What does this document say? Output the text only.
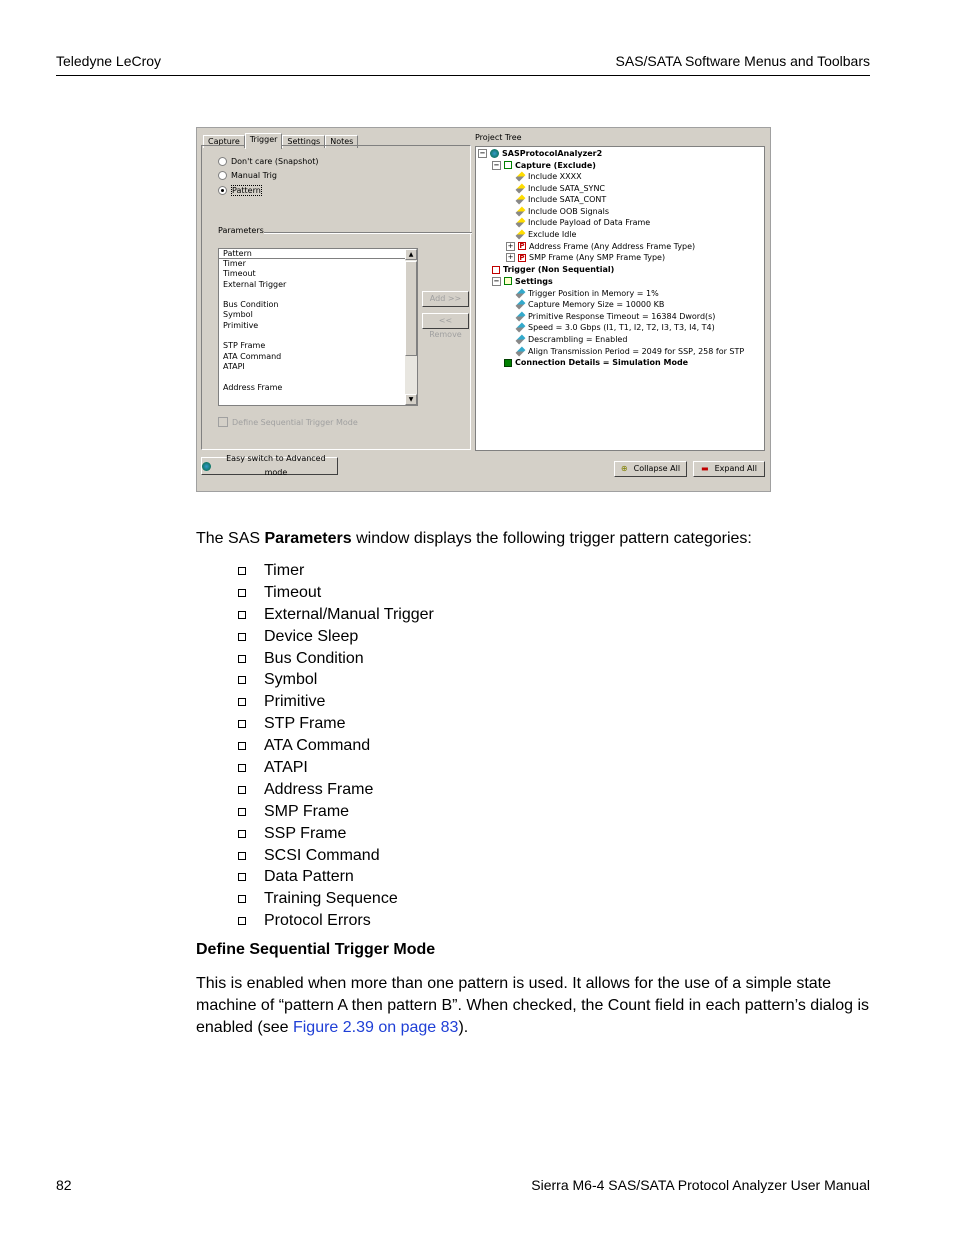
Teledyne LeCroy	SAS/SATA Software Menus and Toolbars
Capture	Trigger	Settings	Notes
Don't care (Snapshot)
Manual Trig
Pattern
Parameters
Pattern
Timer
Timeout
External Trigger
Bus Condition
Symbol
Primitive
STP Frame
ATA Command
ATAPI
Address Frame
▲
▼
Add >>
<< Remove
Define Sequential Trigger Mode
Easy switch to Advanced mode
Project Tree
− SASProtocolAnalyzer2
− Capture (Exclude)
Include XXXX
Include SATA_SYNC
Include SATA_CONT
Include OOB Signals
Include Payload of Data Frame
Exclude Idle
+ P Address Frame (Any Address Frame Type)
+ P SMP Frame (Any SMP Frame Type)
Trigger (Non Sequential)
− Settings
Trigger Position in Memory = 1%
Capture Memory Size = 10000 KB
Primitive Response Timeout = 16384 Dword(s)
Speed = 3.0 Gbps (I1, T1, I2, T2, I3, T3, I4, T4)
Descrambling = Enabled
Align Transmission Period = 2049 for SSP, 258 for STP
Connection Details = Simulation Mode
⊕ Collapse All	▬ Expand All
The SAS Parameters window displays the following trigger pattern categories:
Timer
Timeout
External/Manual Trigger
Device Sleep
Bus Condition
Symbol
Primitive
STP Frame
ATA Command
ATAPI
Address Frame
SMP Frame
SSP Frame
SCSI Command
Data Pattern
Training Sequence
Protocol Errors
Define Sequential Trigger Mode
This is enabled when more than one pattern is used. It allows for the use of a simple state machine of “pattern A then pattern B”. When checked, the Count field in each pattern’s dialog is enabled (see Figure 2.39 on page 83).
82	Sierra M6-4 SAS/SATA Protocol Analyzer User Manual
